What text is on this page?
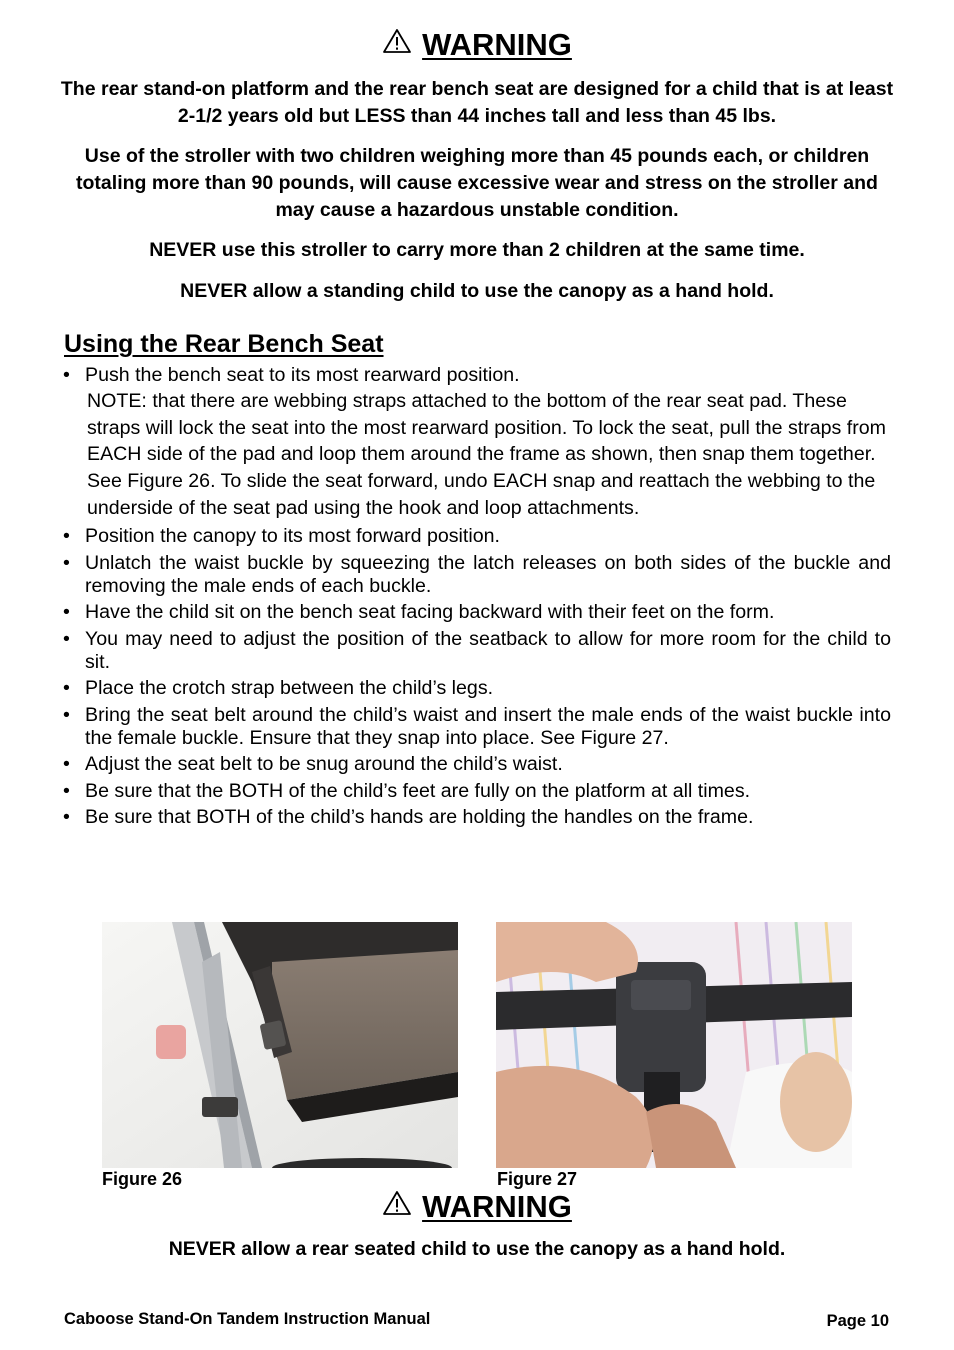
WARNING

The rear stand-on platform and the rear bench seat are designed for a child that is at least 2-1/2 years old but LESS than 44 inches tall and less than 45 lbs.

Use of the stroller with two children weighing more than 45 pounds each, or children totaling more than 90 pounds, will cause excessive wear and stress on the stroller and may cause a hazardous unstable condition.

NEVER use this stroller to carry more than 2 children at the same time.

NEVER allow a standing child to use the canopy as a hand hold.

Using the Rear Bench Seat
• Push the bench seat to its most rearward position.
NOTE: that there are webbing straps attached to the bottom of the rear seat pad. These straps will lock the seat into the most rearward position. To lock the seat, pull the straps from EACH side of the pad and loop them around the frame as shown, then snap them together. See Figure 26. To slide the seat forward, undo EACH snap and reattach the webbing to the underside of the seat pad using the hook and loop attachments.
• Position the canopy to its most forward position.
• Unlatch the waist buckle by squeezing the latch releases on both sides of the buckle and removing the male ends of each buckle.
• Have the child sit on the bench seat facing backward with their feet on the form.
• You may need to adjust the position of the seatback to allow for more room for the child to sit.
• Place the crotch strap between the child’s legs.
• Bring the seat belt around the child’s waist and insert the male ends of the waist buckle into the female buckle. Ensure that they snap into place. See Figure 27.
• Adjust the seat belt to be snug around the child’s waist.
• Be sure that the BOTH of the child’s feet are fully on the platform at all times.
• Be sure that BOTH of the child’s hands are holding the handles on the frame.

Figure 26	Figure 27

WARNING

NEVER allow a rear seated child to use the canopy as a hand hold.

Caboose Stand-On Tandem Instruction Manual	Page 10
